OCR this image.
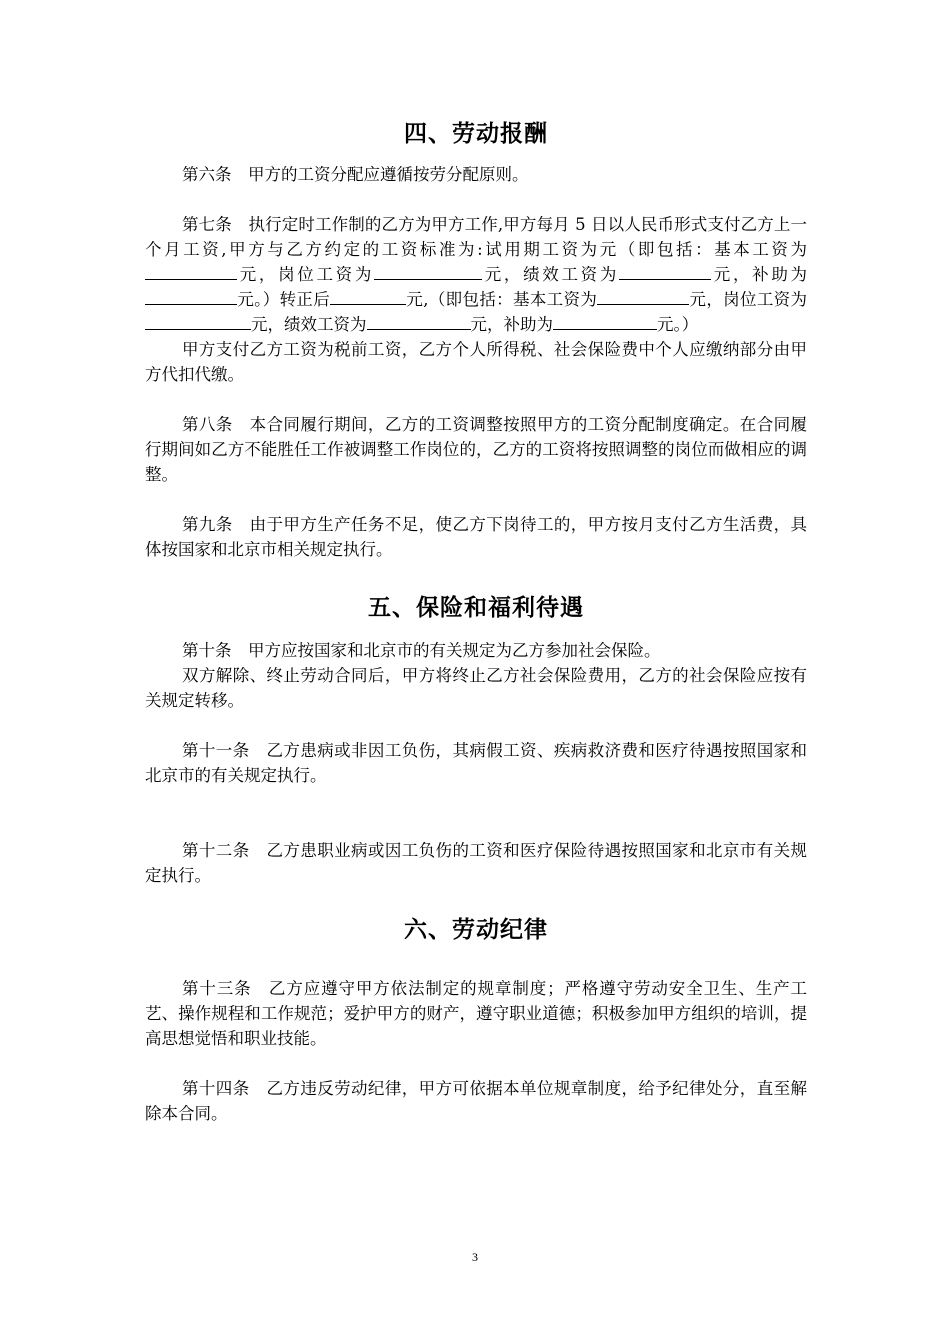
四、劳动报酬

第六条　甲方的工资分配应遵循按劳分配原则。

第七条　执行定时工作制的乙方为甲方工作,甲方每月 5 日以人民币形式支付乙方上一个月工资,甲方与乙方约定的工资标准为:试用期工资为元（即包括：基本工资为元，岗位工资为	元，绩效工资为	元，补助为元。）转正后	元,（即包括：基本工资为	元，岗位工资为元，绩效工资为	元，补助为	元。）

甲方支付乙方工资为税前工资，乙方个人所得税、社会保险费中个人应缴纳部分由甲方代扣代缴。

第八条　本合同履行期间，乙方的工资调整按照甲方的工资分配制度确定。在合同履行期间如乙方不能胜任工作被调整工作岗位的，乙方的工资将按照调整的岗位而做相应的调整。

第九条　由于甲方生产任务不足，使乙方下岗待工的，甲方按月支付乙方生活费，具体按国家和北京市相关规定执行。

五、保险和福利待遇

第十条　甲方应按国家和北京市的有关规定为乙方参加社会保险。

双方解除、终止劳动合同后，甲方将终止乙方社会保险费用，乙方的社会保险应按有关规定转移。

第十一条　乙方患病或非因工负伤，其病假工资、疾病救济费和医疗待遇按照国家和北京市的有关规定执行。

第十二条　乙方患职业病或因工负伤的工资和医疗保险待遇按照国家和北京市有关规定执行。

六、劳动纪律

第十三条　乙方应遵守甲方依法制定的规章制度；严格遵守劳动安全卫生、生产工艺、操作规程和工作规范；爱护甲方的财产，遵守职业道德；积极参加甲方组织的培训，提高思想觉悟和职业技能。

第十四条　乙方违反劳动纪律，甲方可依据本单位规章制度，给予纪律处分，直至解除本合同。

3
